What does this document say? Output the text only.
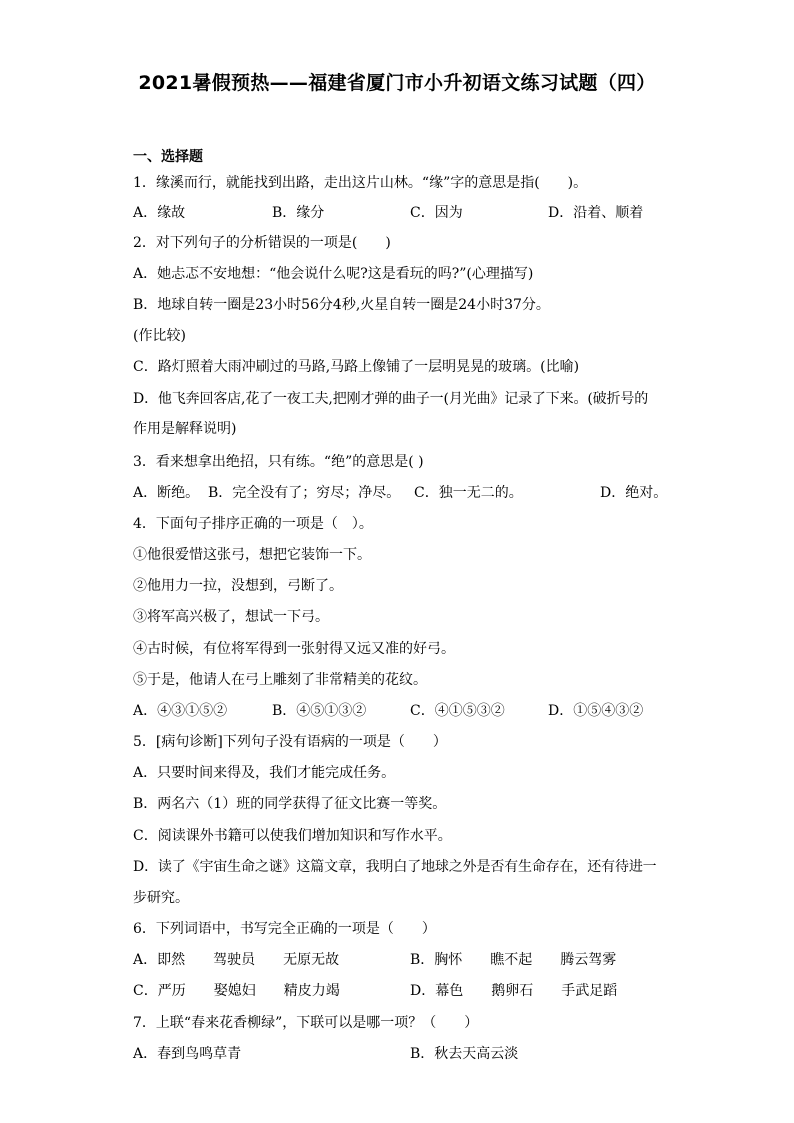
2021暑假预热——福建省厦门市小升初语文练习试题（四）
一、选择题
1．缘溪而行，就能找到出路，走出这片山林。“缘”字的意思是指(　　)。
A．缘故	B．缘分	C．因为	D．沿着、顺着
2．对下列句子的分析错误的一项是(　　)
A．她忐忑不安地想：“他会说什么呢?这是看玩的吗?”(心理描写)
B．地球自转一圈是23小时56分4秒,火星自转一圈是24小时37分。
(作比较)
C．路灯照着大雨冲刷过的马路,马路上像铺了一层明晃晃的玻璃。(比喻)
D．他飞奔回客店,花了一夜工夫,把刚才弹的曲子一(月光曲》记录了下来。(破折号的
作用是解释说明)
3．看来想拿出绝招，只有练。“绝”的意思是( )
A．断绝。 B．完全没有了；穷尽；净尽。 C．独一无二的。	D．绝对。
4．下面句子排序正确的一项是（　）。
①他很爱惜这张弓，想把它装饰一下。
②他用力一拉，没想到，弓断了。
③将军高兴极了，想试一下弓。
④古时候，有位将军得到一张射得又远又准的好弓。
⑤于是，他请人在弓上雕刻了非常精美的花纹。
A．④③①⑤②	B．④⑤①③②	C．④①⑤③②	D．①⑤④③②
5．[病句诊断]下列句子没有语病的一项是（　　）
A．只要时间来得及，我们才能完成任务。
B．两名六（1）班的同学获得了征文比赛一等奖。
C．阅读课外书籍可以使我们增加知识和写作水平。
D．读了《宇宙生命之谜》这篇文章，我明白了地球之外是否有生命存在，还有待进一
步研究。
6．下列词语中，书写完全正确的一项是（　　）
A．即然　　驾驶员　　无原无故	B．胸怀　　瞧不起　　腾云驾雾
C．严历　　娶媳妇　　精皮力竭	D．幕色　　鹅卵石　　手武足蹈
7．上联“春来花香柳绿”，下联可以是哪一项？（　　）
A．春到鸟鸣草青	B．秋去天高云淡
